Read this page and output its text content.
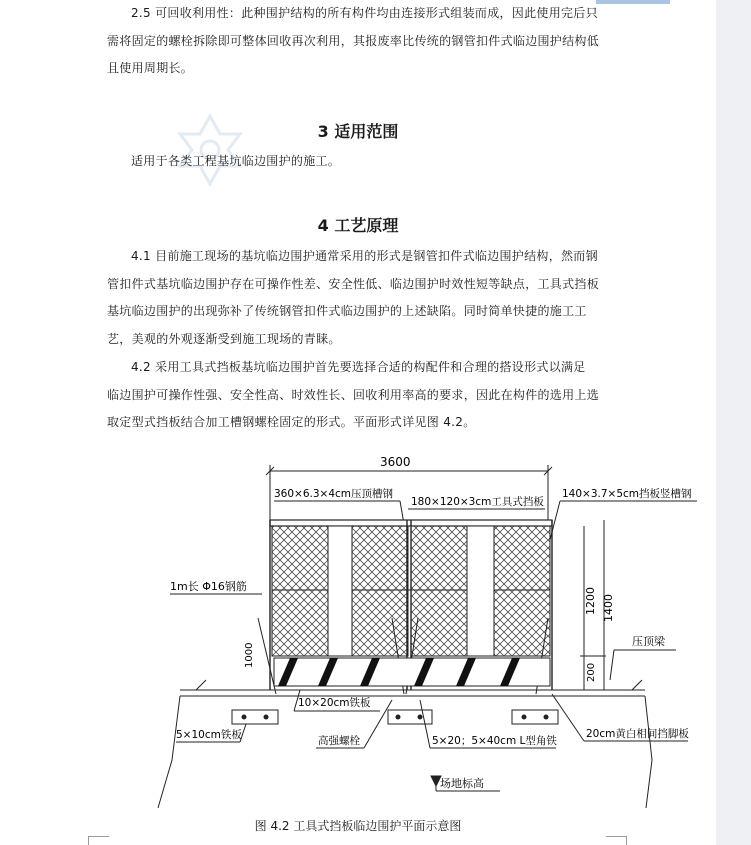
2.5 可回收利用性：此种围护结构的所有构件均由连接形式组装而成，因此使用完后只
需将固定的螺栓拆除即可整体回收再次利用，其报废率比传统的钢管扣件式临边围护结构低
且使用周期长。
3 适用范围
适用于各类工程基坑临边围护的施工。
4 工艺原理
4.1 目前施工现场的基坑临边围护通常采用的形式是钢管扣件式临边围护结构，然而钢
管扣件式基坑临边围护存在可操作性差、安全性低、临边围护时效性短等缺点，工具式挡板
基坑临边围护的出现弥补了传统钢管扣件式临边围护的上述缺陷。同时简单快捷的施工工
艺，美观的外观逐渐受到施工现场的青睐。
4.2 采用工具式挡板基坑临边围护首先要选择合适的构配件和合理的搭设形式以满足
临边围护可操作性强、安全性高、时效性长、回收利用率高的要求，因此在构件的选用上选
取定型式挡板结合加工槽钢螺栓固定的形式。平面形式详见图 4.2。
3600
360×6.3×4cm压顶槽钢
180×120×3cm工具式挡板
140×3.7×5cm挡板竖槽钢
1200 1400
200
压顶梁
1m长 Φ16钢筋
1000
10×20cm铁板
5×10cm铁板	高强螺栓	5×20；5×40cm L型角铁
20cm黄白相间挡脚板
场地标高
图 4.2 工具式挡板临边围护平面示意图
